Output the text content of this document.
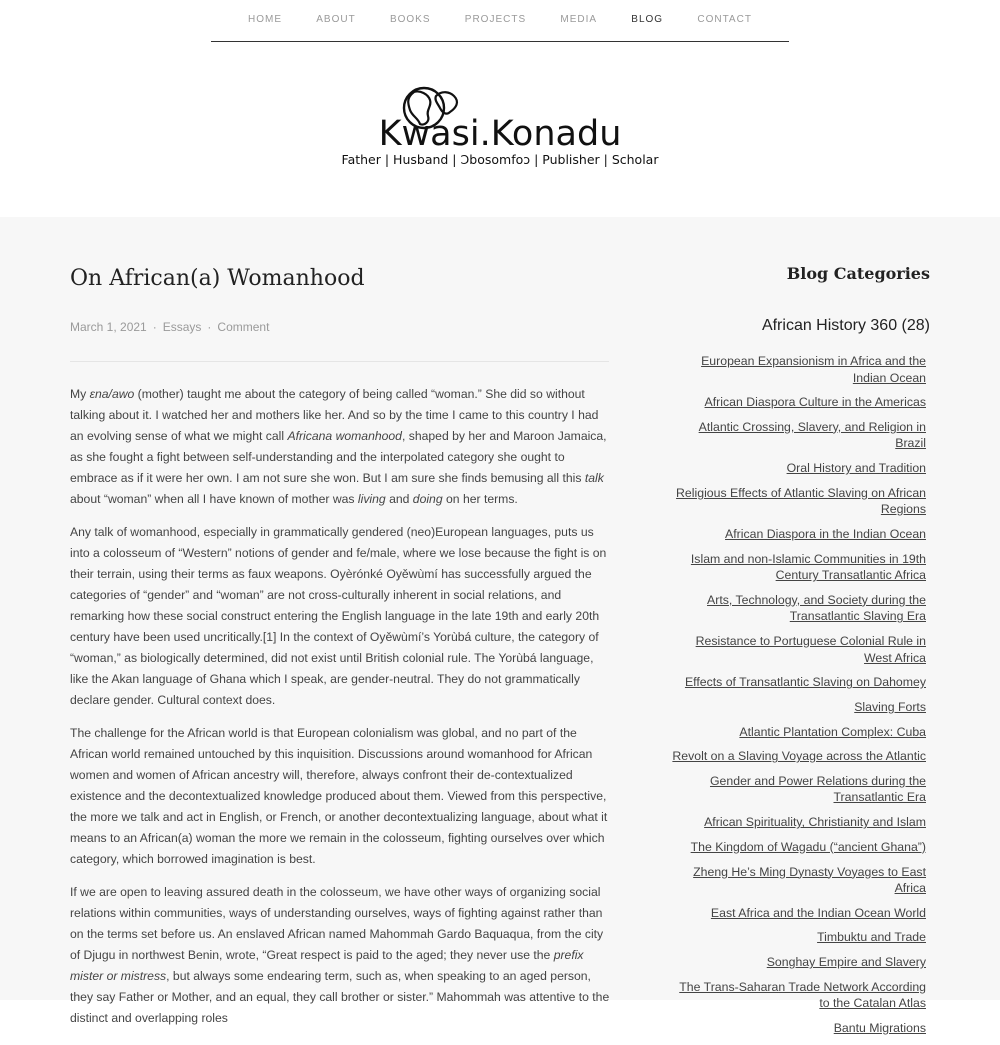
HOME	ABOUT	BOOKS	PROJECTS	MEDIA	BLOG	CONTACT
Kwasi.Konadu
Father | Husband | Ɔbosomfoɔ | Publisher | Scholar
On African(a) Womanhood
March 1, 2021 · Essays · Comment

My ɛna/awo (mother) taught me about the category of being called “woman.” She did so without talking about it. I watched her and mothers like her. And so by the time I came to this country I had an evolving sense of what we might call Africana womanhood, shaped by her and Maroon Jamaica, as she fought a fight between self-understanding and the interpolated category she ought to embrace as if it were her own. I am not sure she won. But I am sure she finds bemusing all this talk about “woman” when all I have known of mother was living and doing on her terms.

Any talk of womanhood, especially in grammatically gendered (neo)European languages, puts us into a colosseum of “Western” notions of gender and fe/male, where we lose because the fight is on their terrain, using their terms as faux weapons. Oyèrónké Oyěwùmí has successfully argued the categories of “gender” and “woman” are not cross-culturally inherent in social relations, and remarking how these social construct entering the English language in the late 19th and early 20th century have been used uncritically.[1] In the context of Oyěwùmí’s Yorùbá culture, the category of “woman,” as biologically determined, did not exist until British colonial rule. The Yorùbá language, like the Akan language of Ghana which I speak, are gender-neutral. They do not grammatically declare gender. Cultural context does.

The challenge for the African world is that European colonialism was global, and no part of the African world remained untouched by this inquisition. Discussions around womanhood for African women and women of African ancestry will, therefore, always confront their de-contextualized existence and the decontextualized knowledge produced about them. Viewed from this perspective, the more we talk and act in English, or French, or another decontextualizing language, about what it means to an African(a) woman the more we remain in the colosseum, fighting ourselves over which category, which borrowed imagination is best.

If we are open to leaving assured death in the colosseum, we have other ways of organizing social relations within communities, ways of understanding ourselves, ways of fighting against rather than on the terms set before us. An enslaved African named Mahommah Gardo Baquaqua, from the city of Djugu in northwest Benin, wrote, “Great respect is paid to the aged; they never use the prefix mister or mistress, but always some endearing term, such as, when speaking to an aged person, they say Father or Mother, and an equal, they call brother or sister.” Mahommah was attentive to the distinct and overlapping roles

Blog Categories
African History 360 (28)
European Expansionism in Africa and the Indian Ocean
African Diaspora Culture in the Americas
Atlantic Crossing, Slavery, and Religion in Brazil
Oral History and Tradition
Religious Effects of Atlantic Slaving on African Regions
African Diaspora in the Indian Ocean
Islam and non-Islamic Communities in 19th Century Transatlantic Africa
Arts, Technology, and Society during the Transatlantic Slaving Era
Resistance to Portuguese Colonial Rule in West Africa
Effects of Transatlantic Slaving on Dahomey
Slaving Forts
Atlantic Plantation Complex: Cuba
Revolt on a Slaving Voyage across the Atlantic
Gender and Power Relations during the Transatlantic Era
African Spirituality, Christianity and Islam
The Kingdom of Wagadu (“ancient Ghana”)
Zheng He’s Ming Dynasty Voyages to East Africa
East Africa and the Indian Ocean World
Timbuktu and Trade
Songhay Empire and Slavery
The Trans-Saharan Trade Network According to the Catalan Atlas
Bantu Migrations
